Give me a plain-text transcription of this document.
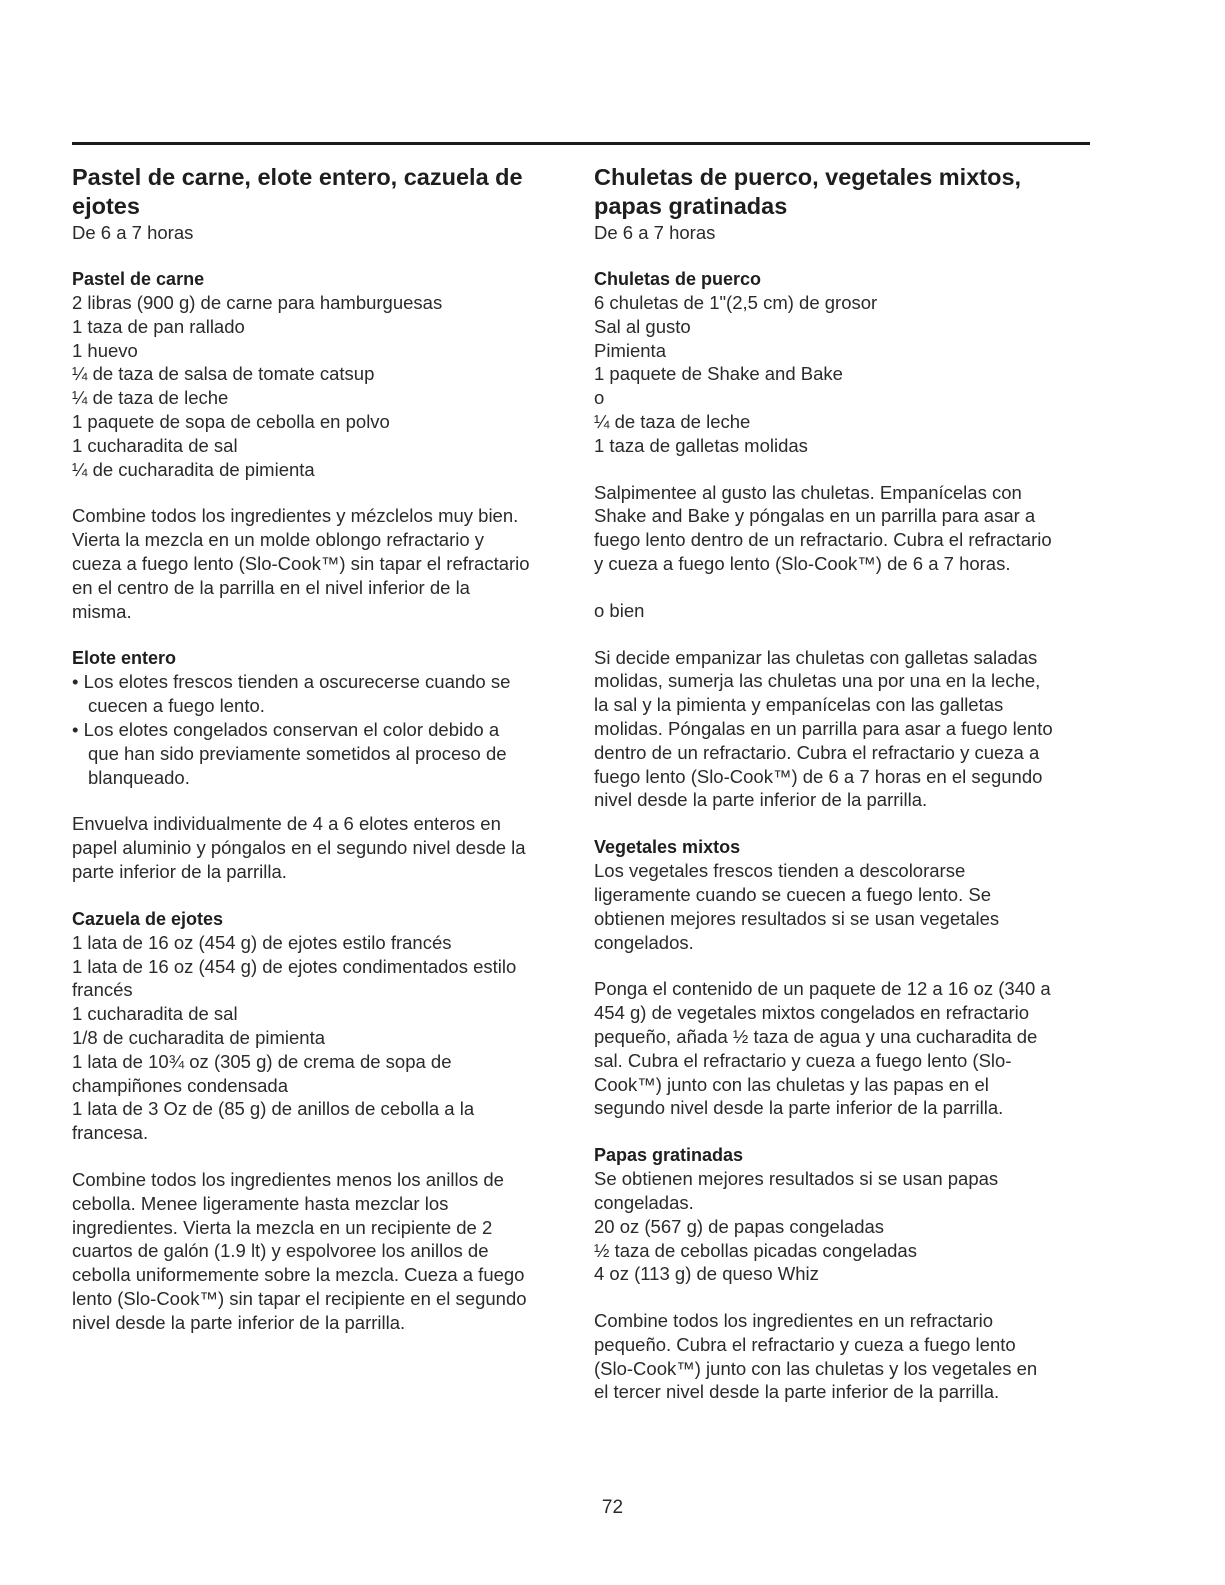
Pastel de carne, elote entero, cazuela de
ejotes
De 6 a 7 horas
Pastel de carne
2 libras (900 g) de carne para hamburguesas
1 taza de pan rallado
1 huevo
¼ de taza de salsa de tomate catsup
¼ de taza de leche
1 paquete de sopa de cebolla en polvo
1 cucharadita de sal
¼ de cucharadita de pimienta
Combine todos los ingredientes y mézclelos muy bien.
Vierta la mezcla en un molde oblongo refractario y
cueza a fuego lento (Slo-Cook™) sin tapar el refractario
en el centro de la parrilla en el nivel inferior de la
misma.
Elote entero
• Los elotes frescos tienden a oscurecerse cuando se
cuecen a fuego lento.
• Los elotes congelados conservan el color debido a
que han sido previamente sometidos al proceso de
blanqueado.
Envuelva individualmente de 4 a 6 elotes enteros en
papel aluminio y póngalos en el segundo nivel desde la
parte inferior de la parrilla.
Cazuela de ejotes
1 lata de 16 oz (454 g) de ejotes estilo francés
1 lata de 16 oz (454 g) de ejotes condimentados estilo
francés
1 cucharadita de sal
1/8 de cucharadita de pimienta
1 lata de 10¾ oz (305 g) de crema de sopa de
champiñones condensada
1 lata de 3 Oz de (85 g) de anillos de cebolla a la
francesa.
Combine todos los ingredientes menos los anillos de
cebolla. Menee ligeramente hasta mezclar los
ingredientes. Vierta la mezcla en un recipiente de 2
cuartos de galón (1.9 lt) y espolvoree los anillos de
cebolla uniformemente sobre la mezcla. Cueza a fuego
lento (Slo-Cook™) sin tapar el recipiente en el segundo
nivel desde la parte inferior de la parrilla.
Chuletas de puerco, vegetales mixtos,
papas gratinadas
De 6 a 7 horas
Chuletas de puerco
6 chuletas de 1"(2,5 cm) de grosor
Sal al gusto
Pimienta
1 paquete de Shake and Bake
o
¼ de taza de leche
1 taza de galletas molidas
Salpimentee al gusto las chuletas. Empanícelas con
Shake and Bake y póngalas en un parrilla para asar a
fuego lento dentro de un refractario. Cubra el refractario
y cueza a fuego lento (Slo-Cook™) de 6 a 7 horas.
o bien
Si decide empanizar las chuletas con galletas saladas
molidas, sumerja las chuletas una por una en la leche,
la sal y la pimienta y empanícelas con las galletas
molidas. Póngalas en un parrilla para asar a fuego lento
dentro de un refractario. Cubra el refractario y cueza a
fuego lento (Slo-Cook™) de 6 a 7 horas en el segundo
nivel desde la parte inferior de la parrilla.
Vegetales mixtos
Los vegetales frescos tienden a descolorarse
ligeramente cuando se cuecen a fuego lento. Se
obtienen mejores resultados si se usan vegetales
congelados.
Ponga el contenido de un paquete de 12 a 16 oz (340 a
454 g) de vegetales mixtos congelados en refractario
pequeño, añada ½ taza de agua y una cucharadita de
sal. Cubra el refractario y cueza a fuego lento (Slo-
Cook™) junto con las chuletas y las papas en el
segundo nivel desde la parte inferior de la parrilla.
Papas gratinadas
Se obtienen mejores resultados si se usan papas
congeladas.
20 oz (567 g) de papas congeladas
½ taza de cebollas picadas congeladas
4 oz (113 g) de queso Whiz
Combine todos los ingredientes en un refractario
pequeño. Cubra el refractario y cueza a fuego lento
(Slo-Cook™) junto con las chuletas y los vegetales en
el tercer nivel desde la parte inferior de la parrilla.
72
